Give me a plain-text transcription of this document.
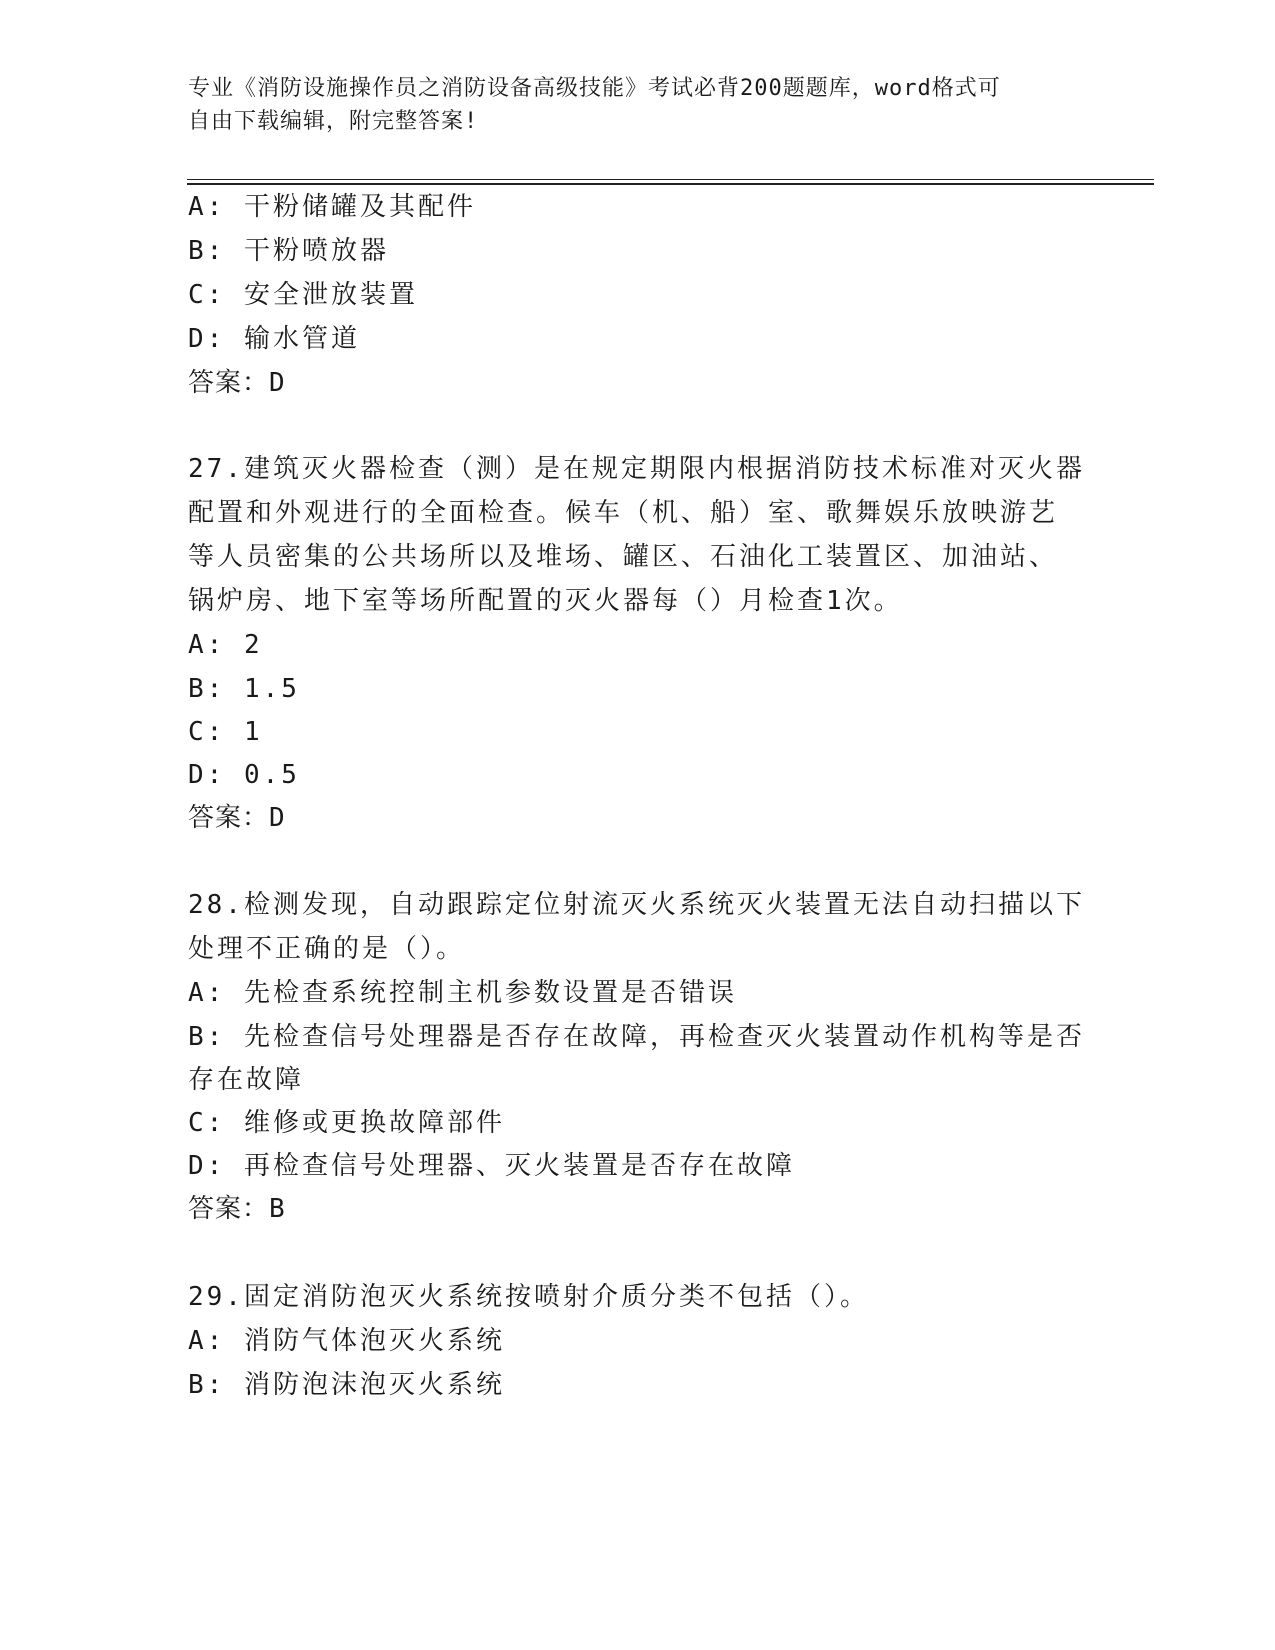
专业《消防设施操作员之消防设备高级技能》考试必背200题题库，word格式可
自由下载编辑，附完整答案!
A: 干粉储罐及其配件
B: 干粉喷放器
C: 安全泄放装置
D: 输水管道
答案：D
27.建筑灭火器检查（测）是在规定期限内根据消防技术标准对灭火器
配置和外观进行的全面检查。候车（机、船）室、歌舞娱乐放映游艺
等人员密集的公共场所以及堆场、罐区、石油化工装置区、加油站、
锅炉房、地下室等场所配置的灭火器每（）月检查1次。
A: 2
B: 1.5
C: 1
D: 0.5
答案：D
28.检测发现，自动跟踪定位射流灭火系统灭火装置无法自动扫描以下
处理不正确的是（）。
A: 先检查系统控制主机参数设置是否错误
B: 先检查信号处理器是否存在故障，再检查灭火装置动作机构等是否
存在故障
C: 维修或更换故障部件
D: 再检查信号处理器、灭火装置是否存在故障
答案：B
29.固定消防泡灭火系统按喷射介质分类不包括（）。
A: 消防气体泡灭火系统
B: 消防泡沫泡灭火系统
